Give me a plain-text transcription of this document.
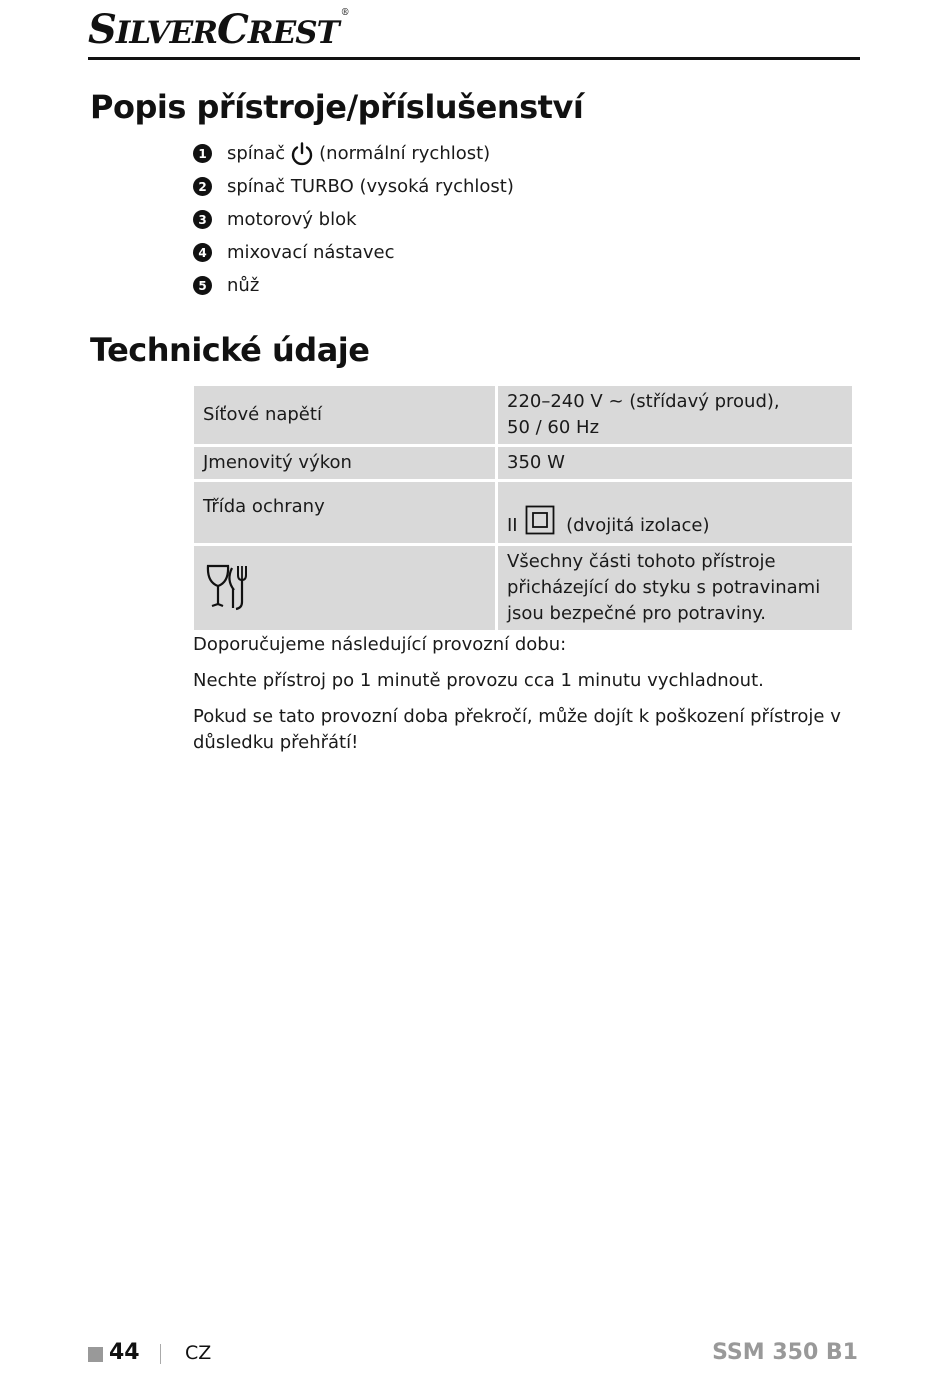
SILVERCREST®
Popis přístroje/příslušenství
1 spínač (normální rychlost)
2 spínač TURBO (vysoká rychlost)
3 motorový blok
4 mixovací nástavec
5 nůž
Technické údaje
Síťové napětí	220–240 V ~ (střídavý proud),
50 / 60 Hz

Jmenovitý výkon	350 W
Třída ochrany	II (dvojitá izolace)

	Všechny části tohoto přístroje přicházející do styku s potravinami jsou bezpečné pro potraviny.

Doporučujeme následující provozní dobu:

Nechte přístroj po 1 minutě provozu cca 1 minutu vychladnout.

Pokud se tato provozní doba překročí, může dojít k poškození přístroje v důsledku přehřátí!

44 CZ	SSM 350 B1
